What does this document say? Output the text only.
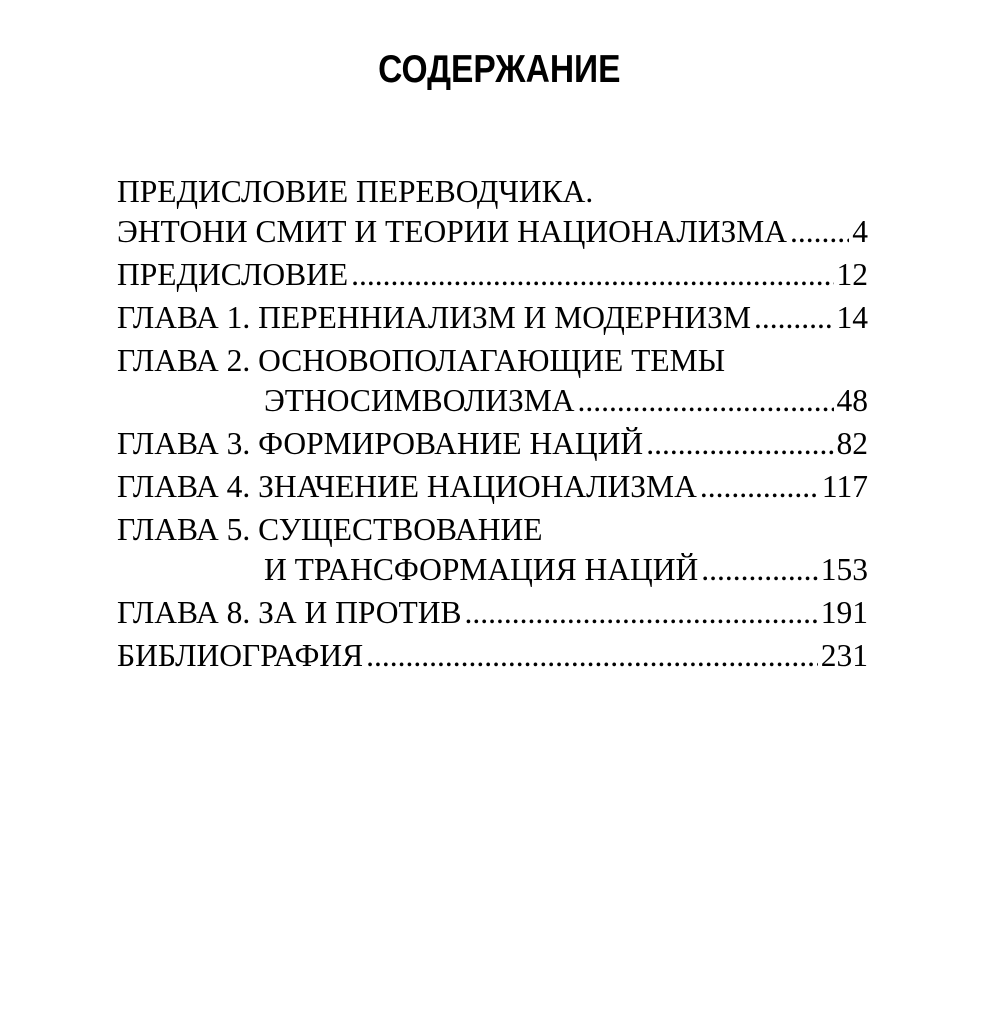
СОДЕРЖАНИЕ
ПРЕДИСЛОВИЕ ПЕРЕВОДЧИКА.
ЭНТОНИ СМИТ И ТЕОРИИ НАЦИОНАЛИЗМА ..... 4
ПРЕДИСЛОВИЕ .....	12
ГЛАВА 1. ПЕРЕННИАЛИЗМ И МОДЕРНИЗМ .....	14
ГЛАВА 2. ОСНОВОПОЛАГАЮЩИЕ ТЕМЫ
ЭТНОСИМВОЛИЗМА .....	48
ГЛАВА 3. ФОРМИРОВАНИЕ НАЦИЙ .....	82
ГЛАВА 4. ЗНАЧЕНИЕ НАЦИОНАЛИЗМА .....	117
ГЛАВА 5. СУЩЕСТВОВАНИЕ
И ТРАНСФОРМАЦИЯ НАЦИЙ .....	153
ГЛАВА 8. ЗА И ПРОТИВ .....	191
БИБЛИОГРАФИЯ .....	231
